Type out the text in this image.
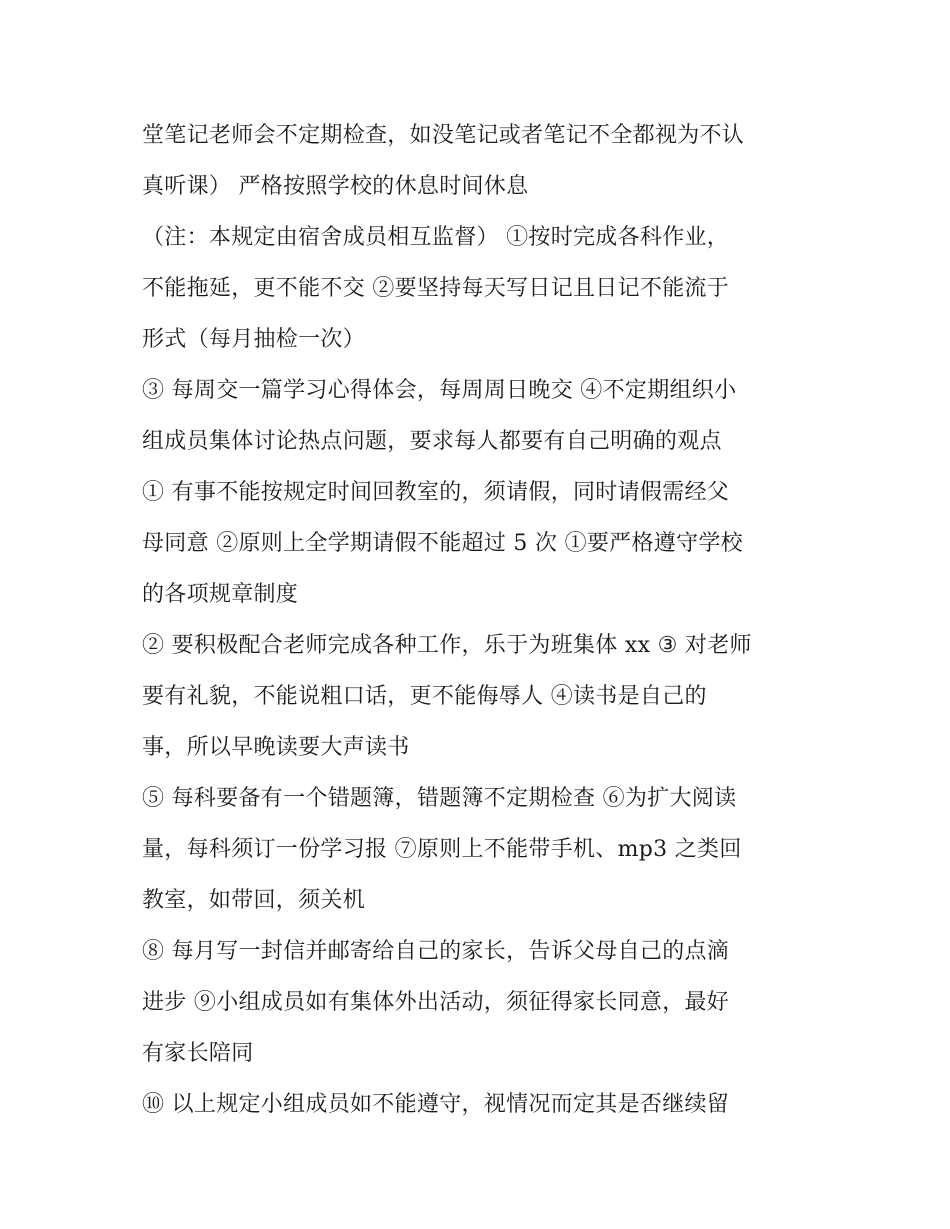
堂笔记老师会不定期检查，如没笔记或者笔记不全都视为不认
真听课） 严格按照学校的休息时间休息
（注：本规定由宿舍成员相互监督） ①按时完成各科作业，
不能拖延，更不能不交 ②要坚持每天写日记且日记不能流于
形式（每月抽检一次）
③ 每周交一篇学习心得体会，每周周日晚交 ④不定期组织小
组成员集体讨论热点问题，要求每人都要有自己明确的观点
① 有事不能按规定时间回教室的，须请假，同时请假需经父
母同意 ②原则上全学期请假不能超过 5 次 ①要严格遵守学校
的各项规章制度
② 要积极配合老师完成各种工作，乐于为班集体 xx ③ 对老师
要有礼貌，不能说粗口话，更不能侮辱人 ④读书是自己的
事，所以早晚读要大声读书
⑤ 每科要备有一个错题簿，错题簿不定期检查 ⑥为扩大阅读
量，每科须订一份学习报 ⑦原则上不能带手机、mp3 之类回
教室，如带回，须关机
⑧ 每月写一封信并邮寄给自己的家长，告诉父母自己的点滴
进步 ⑨小组成员如有集体外出活动，须征得家长同意，最好
有家长陪同
⑩ 以上规定小组成员如不能遵守，视情况而定其是否继续留
